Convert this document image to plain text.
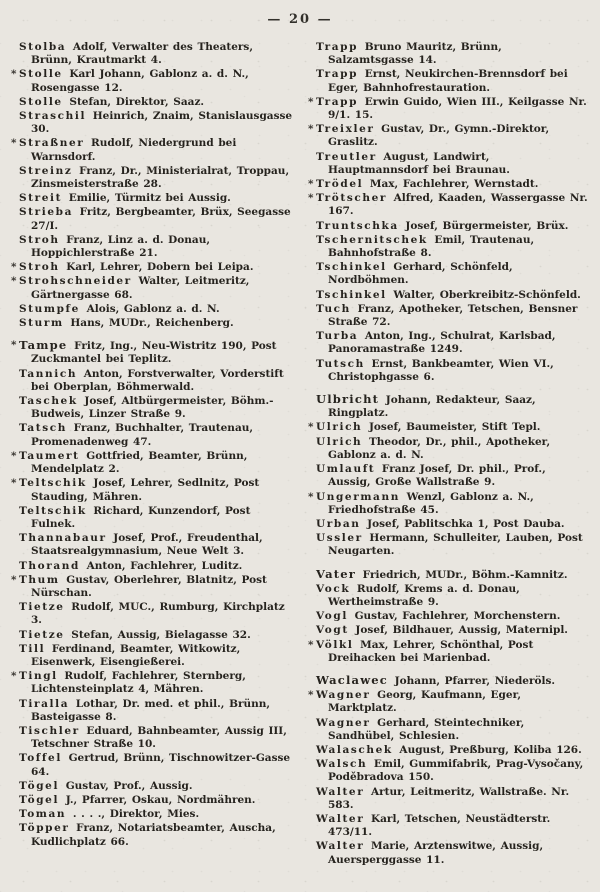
— 20 —

Stolba Adolf, Verwalter des Theaters, Brünn, Krautmarkt 4.

* Stolle Karl Johann, Gablonz a. d. N., Rosengasse 12.

Stolle Stefan, Direktor, Saaz.

Straschil Heinrich, Znaim, Stanislausgasse 30.

* Straßner Rudolf, Niedergrund bei Warnsdorf.

Streinz Franz, Dr., Ministerialrat, Troppau, Zinsmeisterstraße 28.

Streit Emilie, Türmitz bei Aussig.

Strieba Fritz, Bergbeamter, Brüx, Seegasse 27/I.

Stroh Franz, Linz a. d. Donau, Hoppichlerstraße 21.

* Stroh Karl, Lehrer, Dobern bei Leipa.

* Strohschneider Walter, Leitmeritz, Gärtnergasse 68.

Stumpfe Alois, Gablonz a. d. N.

Sturm Hans, MUDr., Reichenberg.

* Tampe Fritz, Ing., Neu-Wistritz 190, Post Zuckmantel bei Teplitz.

Tannich Anton, Forstverwalter, Vorderstift bei Oberplan, Böhmerwald.

Taschek Josef, Altbürgermeister, Böhm.-Budweis, Linzer Straße 9.

Tatsch Franz, Buchhalter, Trautenau, Promenadenweg 47.

* Taumert Gottfried, Beamter, Brünn, Mendelplatz 2.

* Teltschik Josef, Lehrer, Sedlnitz, Post Stauding, Mähren.

Teltschik Richard, Kunzendorf, Post Fulnek.

Thannabaur Josef, Prof., Freudenthal, Staatsrealgymnasium, Neue Welt 3.

Thorand Anton, Fachlehrer, Luditz.

* Thum Gustav, Oberlehrer, Blatnitz, Post Nürschan.

Tietze Rudolf, MUC., Rumburg, Kirchplatz 3.

Tietze Stefan, Aussig, Bielagasse 32.

Till Ferdinand, Beamter, Witkowitz, Eisenwerk, Eisengießerei.

* Tingl Rudolf, Fachlehrer, Sternberg, Lichtensteinplatz 4, Mähren.

Tiralla Lothar, Dr. med. et phil., Brünn, Basteigasse 8.

Tischler Eduard, Bahnbeamter, Aussig III, Tetschner Straße 10.

Toffel Gertrud, Brünn, Tischnowitzer-Gasse 64.

Tögel Gustav, Prof., Aussig.

Tögel J., Pfarrer, Oskau, Nordmähren.

Toman . . . ., Direktor, Mies.

Töpper Franz, Notariatsbeamter, Auscha, Kudlichplatz 66.

Trapp Bruno Mauritz, Brünn, Salzamtsgasse 14.

Trapp Ernst, Neukirchen-Brennsdorf bei Eger, Bahnhofrestauration.

* Trapp Erwin Guido, Wien III., Keilgasse Nr. 9/1. 15.

* Treixler Gustav, Dr., Gymn.-Direktor, Graslitz.

Treutler August, Landwirt, Hauptmannsdorf bei Braunau.

* Trödel Max, Fachlehrer, Wernstadt.

* Trötscher Alfred, Kaaden, Wassergasse Nr. 167.

Truntschka Josef, Bürgermeister, Brüx.

Tschernitschek Emil, Trautenau, Bahnhofstraße 8.

Tschinkel Gerhard, Schönfeld, Nordböhmen.

Tschinkel Walter, Oberkreibitz-Schönfeld.

Tuch Franz, Apotheker, Tetschen, Bensner Straße 72.

Turba Anton, Ing., Schulrat, Karlsbad, Panoramastraße 1249.

Tutsch Ernst, Bankbeamter, Wien VI., Christophgasse 6.

Ulbricht Johann, Redakteur, Saaz, Ringplatz.

* Ulrich Josef, Baumeister, Stift Tepl.

Ulrich Theodor, Dr., phil., Apotheker, Gablonz a. d. N.

Umlauft Franz Josef, Dr. phil., Prof., Aussig, Große Wallstraße 9.

* Ungermann Wenzl, Gablonz a. N., Friedhofstraße 45.

Urban Josef, Pablitschka 1, Post Dauba.

Ussler Hermann, Schulleiter, Lauben, Post Neugarten.

Vater Friedrich, MUDr., Böhm.-Kamnitz.

Vock Rudolf, Krems a. d. Donau, Wertheimstraße 9.

Vogl Gustav, Fachlehrer, Morchenstern.

Vogt Josef, Bildhauer, Aussig, Maternipl.

* Völkl Max, Lehrer, Schönthal, Post Dreihacken bei Marienbad.

Waclawec Johann, Pfarrer, Niederöls.

* Wagner Georg, Kaufmann, Eger, Marktplatz.

Wagner Gerhard, Steintechniker, Sandhübel, Schlesien.

Walaschek August, Preßburg, Koliba 126.

Walsch Emil, Gummifabrik, Prag-Vysočany, Poděbradova 150.

Walter Artur, Leitmeritz, Wallstraße. Nr. 583.

Walter Karl, Tetschen, Neustädterstr. 473/11.

Walter Marie, Arztenswitwe, Aussig, Auersperggasse 11.
